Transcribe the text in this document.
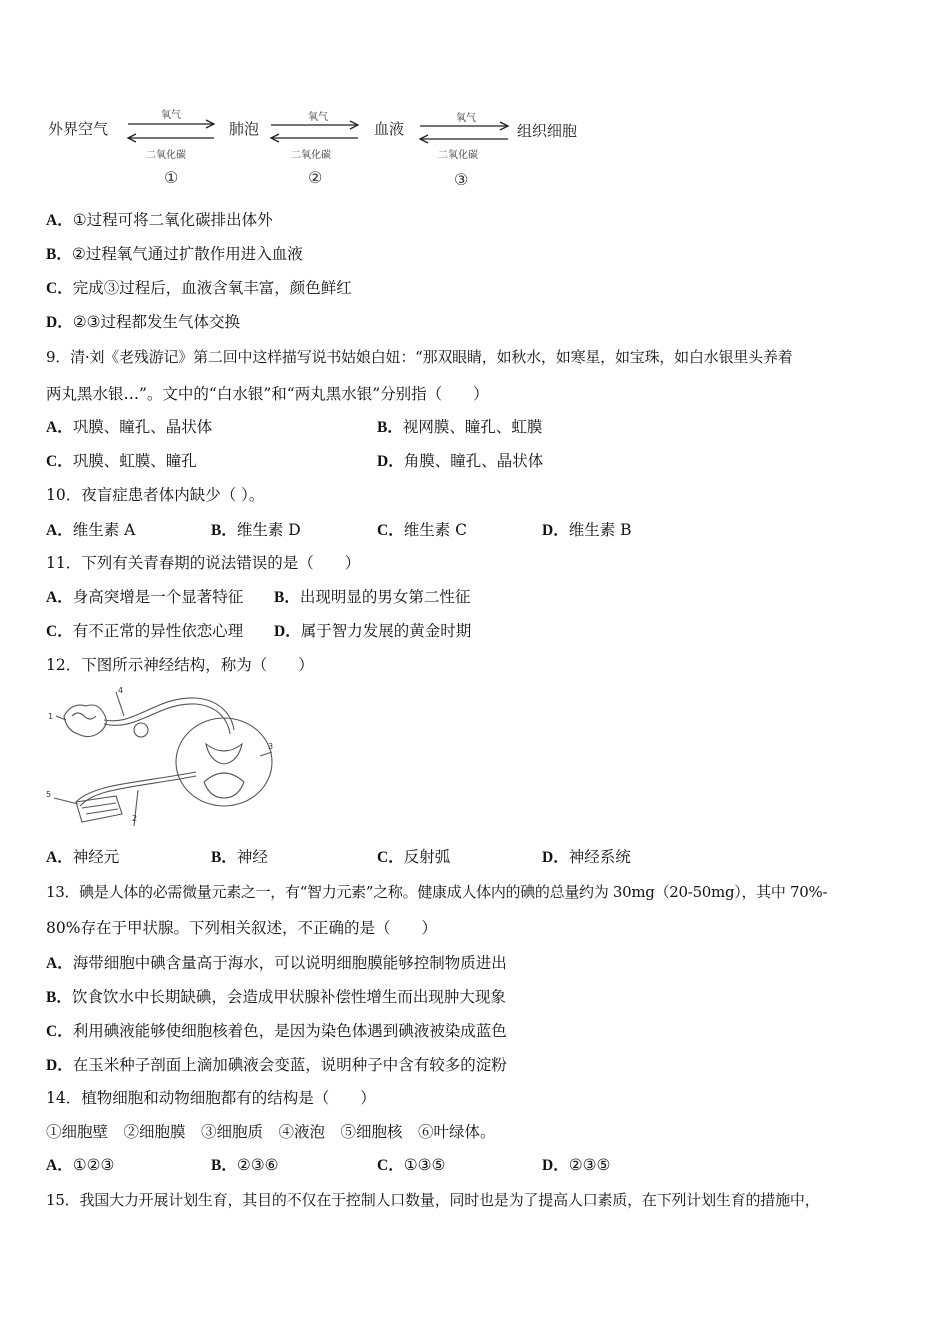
外界空气	肺泡	血液	组织细胞
氧气
二氧化碳
氧气
二氧化碳
氧气
二氧化碳
①	②	③
A．①过程可将二氧化碳排出体外
B．②过程氧气通过扩散作用进入血液
C．完成③过程后，血液含氧丰富，颜色鲜红
D．②③过程都发生气体交换
9．清·刘《老残游记》第二回中这样描写说书姑娘白妞：“那双眼睛，如秋水，如寒星，如宝珠，如白水银里头养着
两丸黑水银…”。文中的“白水银”和“两丸黑水银”分别指（　　）
A．巩膜、瞳孔、晶状体	B．视网膜、瞳孔、虹膜
C．巩膜、虹膜、瞳孔	D．角膜、瞳孔、晶状体
10．夜盲症患者体内缺少（ ）。
A．维生素 A	B．维生素 D	C．维生素 C	D．维生素 B
11．下列有关青春期的说法错误的是（　　）
A．身高突增是一个显著特征 B．出现明显的男女第二性征
C．有不正常的异性依恋心理 D．属于智力发展的黄金时期
12．下图所示神经结构，称为（　　）
1
2
3
4
5
A．神经元	B．神经	C．反射弧	D．神经系统
13．碘是人体的必需微量元素之一，有“智力元素”之称。健康成人体内的碘的总量约为 30mg（20-50mg），其中 70%-
80%存在于甲状腺。下列相关叙述，不正确的是（　　）
A．海带细胞中碘含量高于海水，可以说明细胞膜能够控制物质进出
B．饮食饮水中长期缺碘，会造成甲状腺补偿性增生而出现肿大现象
C．利用碘液能够使细胞核着色，是因为染色体遇到碘液被染成蓝色
D．在玉米种子剖面上滴加碘液会变蓝，说明种子中含有较多的淀粉
14．植物细胞和动物细胞都有的结构是（　　）
①细胞壁　②细胞膜　③细胞质　④液泡　⑤细胞核　⑥叶绿体。
A．①②③	B．②③⑥	C．①③⑤	D．②③⑤
15．我国大力开展计划生育，其目的不仅在于控制人口数量，同时也是为了提高人口素质，在下列计划生育的措施中，
